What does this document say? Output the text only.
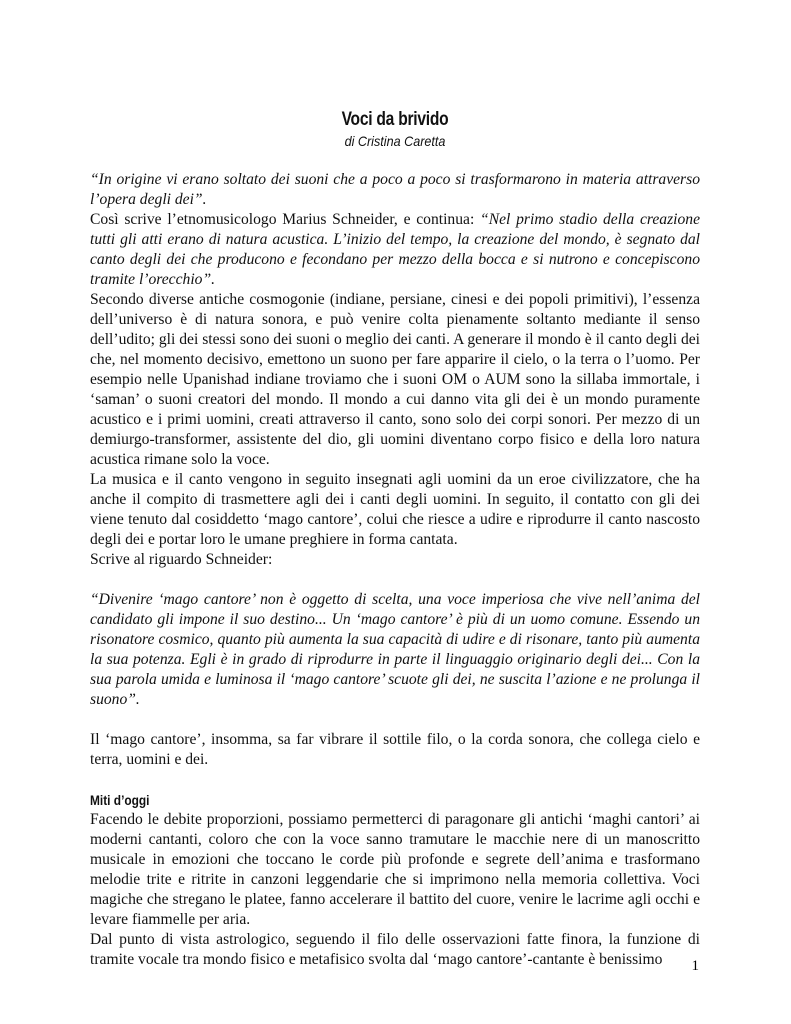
Voci da brivido
di Cristina Caretta

“In origine vi erano soltato dei suoni che a poco a poco si trasformarono in materia attraverso l’opera degli dei”.

Così scrive l’etnomusicologo Marius Schneider, e continua: “Nel primo stadio della creazione tutti gli atti erano di natura acustica. L’inizio del tempo, la creazione del mondo, è segnato dal canto degli dei che producono e fecondano per mezzo della bocca e si nutrono e concepiscono tramite l’orecchio”.

Secondo diverse antiche cosmogonie (indiane, persiane, cinesi e dei popoli primitivi), l’essenza dell’universo è di natura sonora, e può venire colta pienamente soltanto mediante il senso dell’udito; gli dei stessi sono dei suoni o meglio dei canti. A generare il mondo è il canto degli dei che, nel momento decisivo, emettono un suono per fare apparire il cielo, o la terra o l’uomo. Per esempio nelle Upanishad indiane troviamo che i suoni OM o AUM sono la sillaba immortale, i ‘saman’ o suoni creatori del mondo. Il mondo a cui danno vita gli dei è un mondo puramente acustico e i primi uomini, creati attraverso il canto, sono solo dei corpi sonori. Per mezzo di un demiurgo-transformer, assistente del dio, gli uomini diventano corpo fisico e della loro natura acustica rimane solo la voce.

La musica e il canto vengono in seguito insegnati agli uomini da un eroe civilizzatore, che ha anche il compito di trasmettere agli dei i canti degli uomini. In seguito, il contatto con gli dei viene tenuto dal cosiddetto ‘mago cantore’, colui che riesce a udire e riprodurre il canto nascosto degli dei e portar loro le umane preghiere in forma cantata.

Scrive al riguardo Schneider:

“Divenire ‘mago cantore’ non è oggetto di scelta, una voce imperiosa che vive nell’anima del candidato gli impone il suo destino... Un ‘mago cantore’ è più di un uomo comune. Essendo un risonatore cosmico, quanto più aumenta la sua capacità di udire e di risonare, tanto più aumenta la sua potenza. Egli è in grado di riprodurre in parte il linguaggio originario degli dei... Con la sua parola umida e luminosa il ‘mago cantore’ scuote gli dei, ne suscita l’azione e ne prolunga il suono”.

Il ‘mago cantore’, insomma, sa far vibrare il sottile filo, o la corda sonora, che collega cielo e terra, uomini e dei.

Miti d’oggi

Facendo le debite proporzioni, possiamo permetterci di paragonare gli antichi ‘maghi cantori’ ai moderni cantanti, coloro che con la voce sanno tramutare le macchie nere di un manoscritto musicale in emozioni che toccano le corde più profonde e segrete dell’anima e trasformano melodie trite e ritrite in canzoni leggendarie che si imprimono nella memoria collettiva. Voci magiche che stregano le platee, fanno accelerare il battito del cuore, venire le lacrime agli occhi e levare fiammelle per aria.

Dal punto di vista astrologico, seguendo il filo delle osservazioni fatte finora, la funzione di tramite vocale tra mondo fisico e metafisico svolta dal ‘mago cantore’-cantante è benissimo	1
